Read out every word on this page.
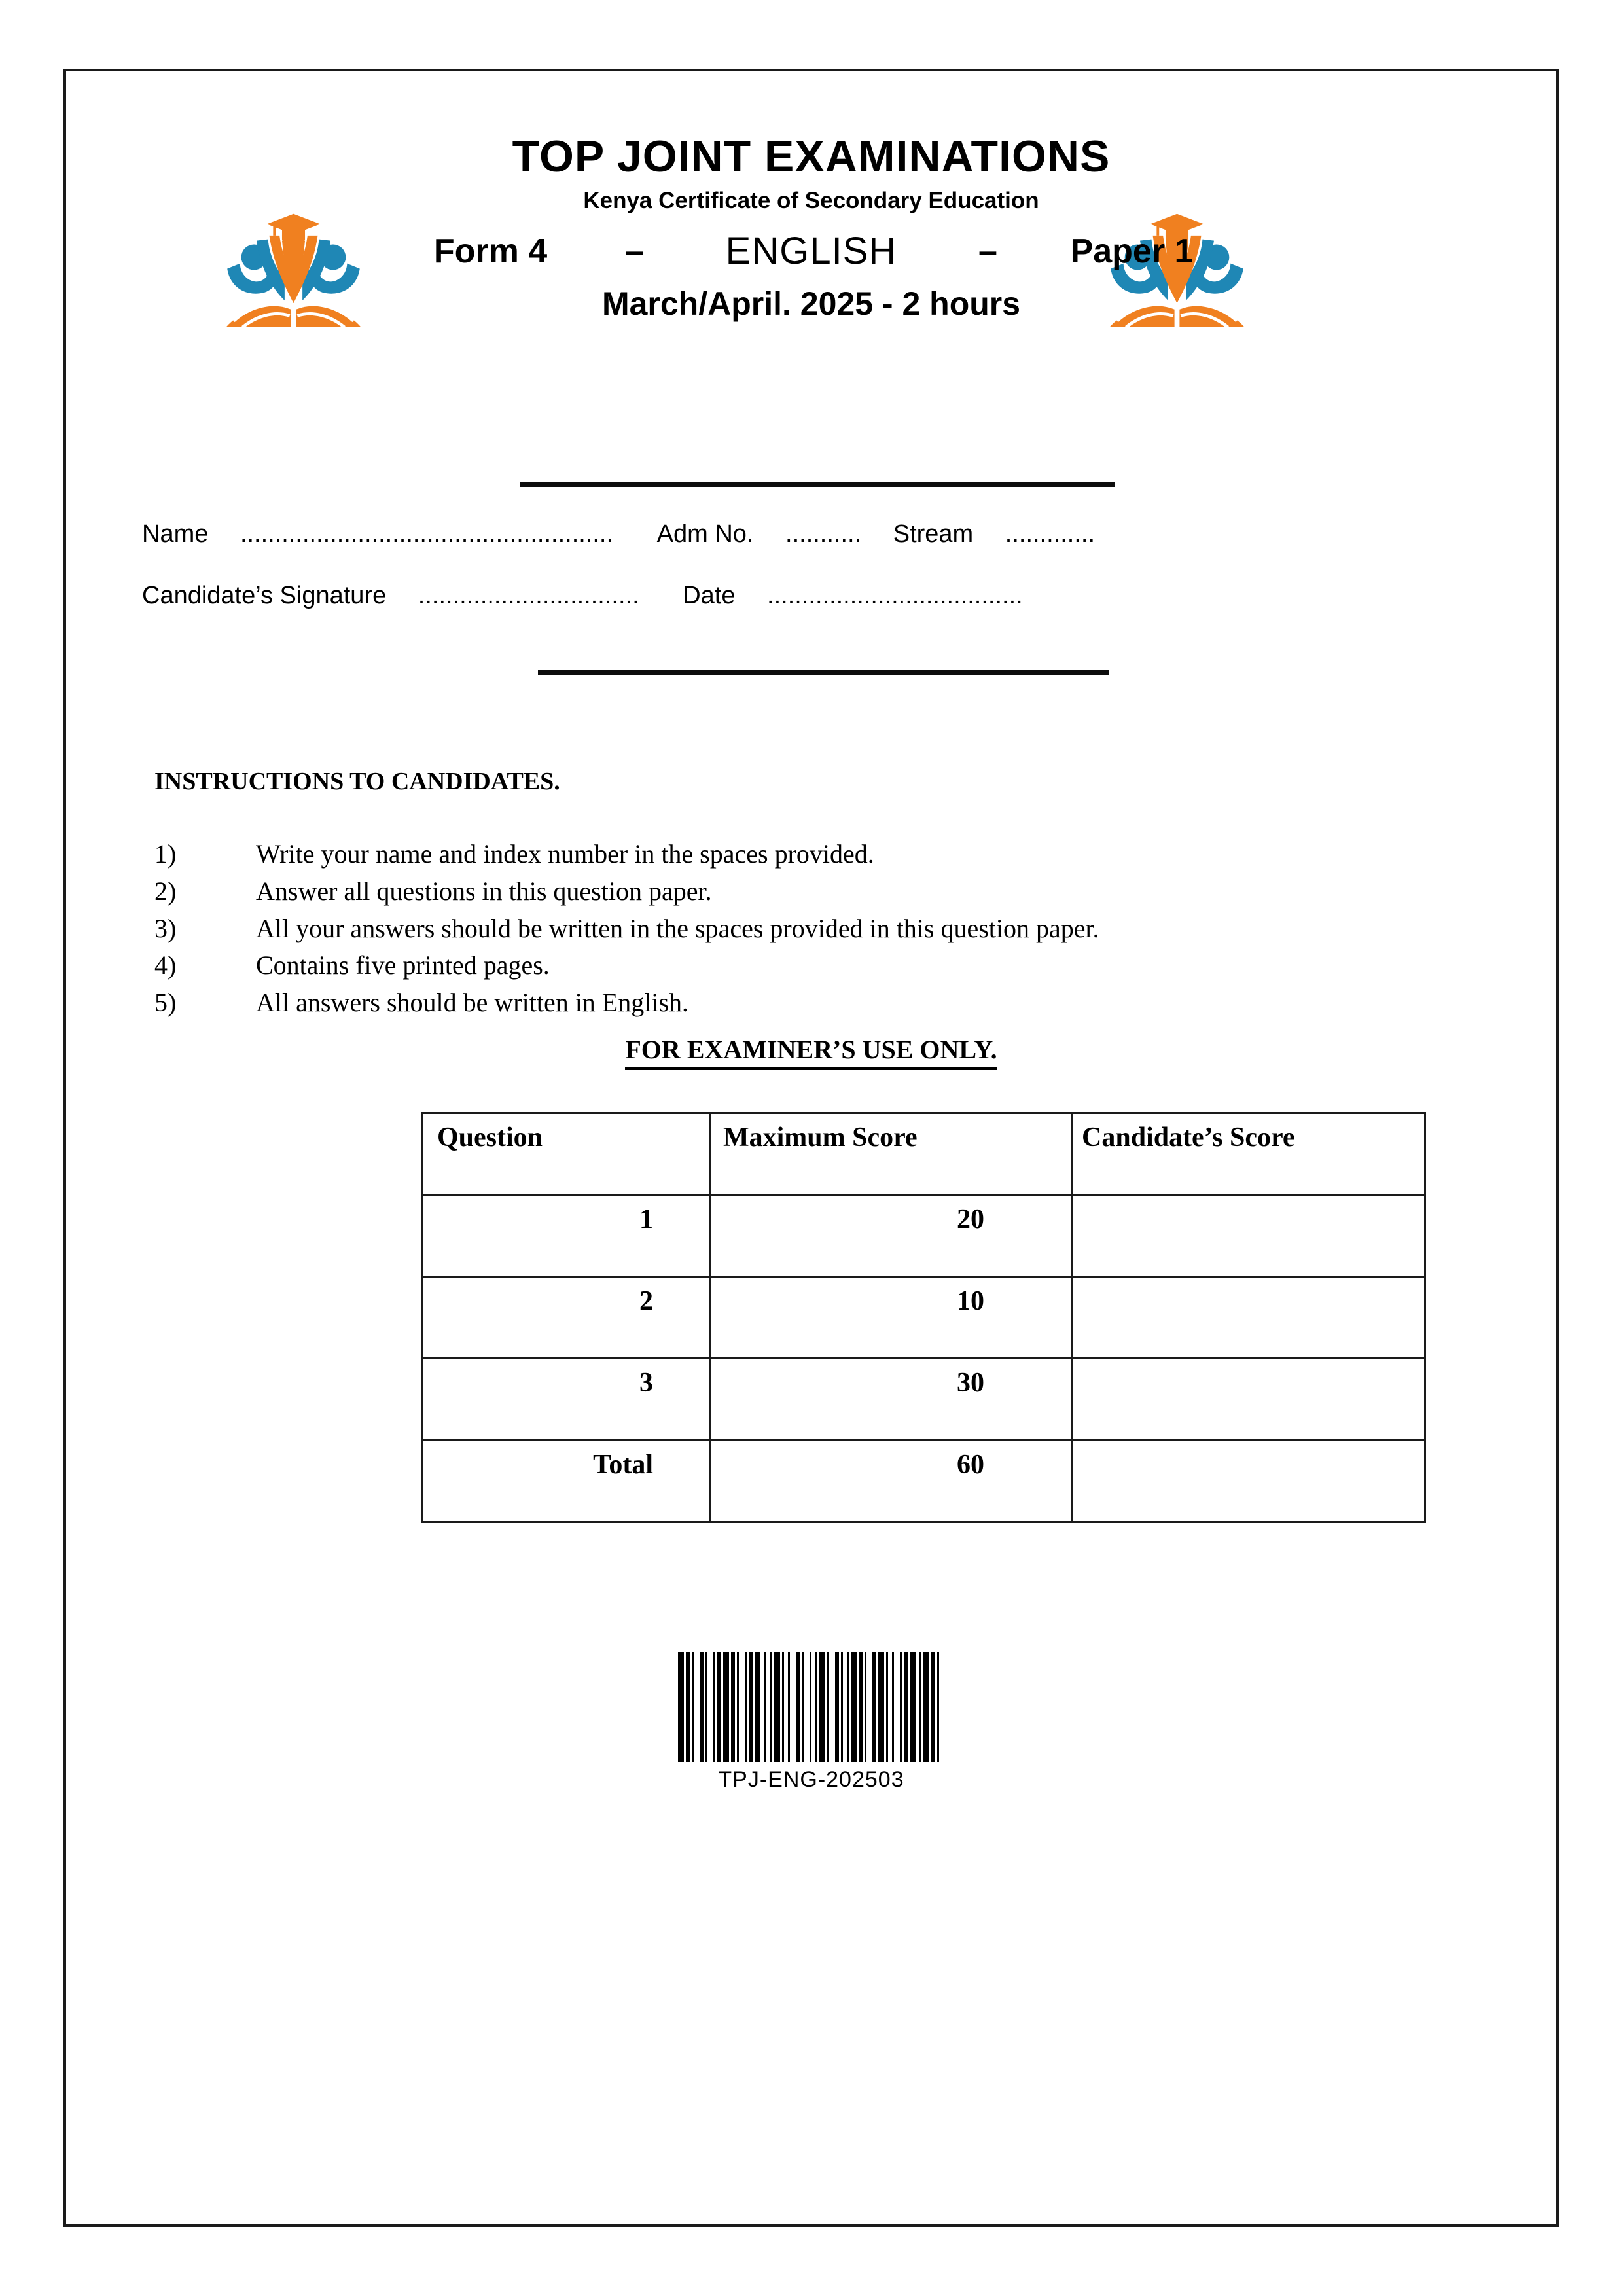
TOP JOINT EXAMINATIONS
Kenya Certificate of Secondary Education
Form 4	–	ENGLISH	–	Paper 1
March/April. 2025 - 2 hours
Name ...................................................... Adm No. ........... Stream .............
Candidate’s Signature ................................ Date .....................................
INSTRUCTIONS TO CANDIDATES.
1)	Write your name and index number in the spaces provided.
2)	Answer all questions in this question paper.
3)	All your answers should be written in the spaces provided in this question paper.
4)	Contains five printed pages.
5)	All answers should be written in English.
FOR EXAMINER’S USE ONLY.
Question	Maximum Score	Candidate’s Score
1	20	
2	10	
3	30	
Total	60	
TPJ-ENG-202503
